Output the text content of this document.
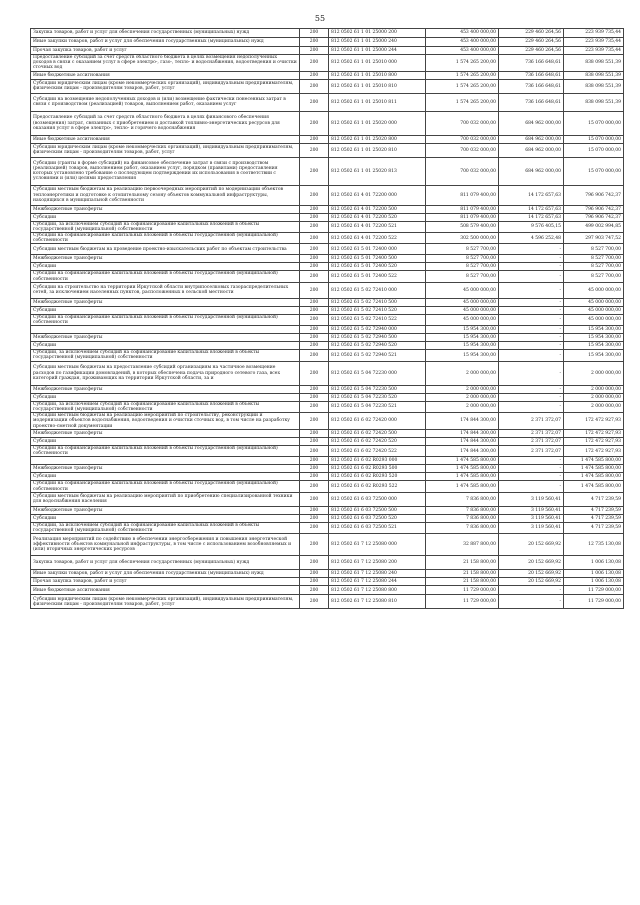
55
Закупка товаров, работ и услуг для обеспечения государственных (муниципальных) нужд	200	812 0502 61 1 01 25000 200	453 400 000,00	229 460 264,56	223 939 735,44
Иные закупки товаров, работ и услуг для обеспечения государственных (муниципальных) нужд	200	812 0502 61 1 01 25000 240	453 400 000,00	229 460 264,56	223 939 735,44
Прочая закупка товаров, работ и услуг	200	812 0502 61 1 01 25000 244	453 400 000,00	229 460 264,56	223 939 735,44
Предоставление субсидий за счет средств областного бюджета в целях возмещения недополученных доходов в связи с оказанием услуг в сфере электро-, газо-, тепло- и водоснабжения, водоотведения и очистки сточных вод	200	812 0502 61 1 01 25010 000	1 574 265 200,00	736 166 648,61	838 098 551,39
Иные бюджетные ассигнования	200	812 0502 61 1 01 25010 800	1 574 265 200,00	736 166 648,61	838 098 551,39
Субсидии юридическим лицам (кроме некоммерческих организаций), индивидуальным предпринимателям, физическим лицам - производителям товаров, работ, услуг	200	812 0502 61 1 01 25010 810	1 574 265 200,00	736 166 648,61	838 098 551,39
Субсидии на возмещение недополученных доходов и (или) возмещение фактически понесенных затрат в связи с производством (реализацией) товаров, выполнением работ, оказанием услуг	200	812 0502 61 1 01 25010 811	1 574 265 200,00	736 166 648,61	838 098 551,39
Предоставление субсидий за счет средств областного бюджета в целях финансового обеспечения (возмещения) затрат, связанных с приобретением и доставкой топливно-энергетических ресурсов для оказания услуг в сфере электро-, тепло- и горячего водоснабжения	200	812 0502 61 1 01 25020 000	700 032 000,00	684 962 000,00	15 070 000,00
Иные бюджетные ассигнования	200	812 0502 61 1 01 25020 800	700 032 000,00	684 962 000,00	15 070 000,00
Субсидии юридическим лицам (кроме некоммерческих организаций), индивидуальным предпринимателям, физическим лицам - производителям товаров, работ, услуг	200	812 0502 61 1 01 25020 810	700 032 000,00	684 962 000,00	15 070 000,00
Субсидии (гранты в форме субсидий) на финансовое обеспечение затрат в связи с производством (реализацией) товаров, выполнением работ, оказанием услуг, порядком (правилами) предоставления которых установлено требование о последующем подтверждении их использования в соответствии с условиями и (или) целями предоставления	200	812 0502 61 1 01 25020 813	700 032 000,00	684 962 000,00	15 070 000,00
Субсидии местным бюджетам на реализацию первоочередных мероприятий по модернизации объектов теплоэнергетики и подготовке к отопительному сезону объектов коммунальной инфраструктуры, находящихся в муниципальной собственности	200	812 0502 61 4 01 72200 000	811 079 400,00	14 172 657,63	796 906 742,37
Межбюджетные трансферты	200	812 0502 61 4 01 72200 500	811 079 400,00	14 172 657,63	796 906 742,37
Субсидии	200	812 0502 61 4 01 72200 520	811 079 400,00	14 172 657,63	796 906 742,37
Субсидии, за исключением субсидий на софинансирование капитальных вложений в объекты государственной (муниципальной) собственности	200	812 0502 61 4 01 72200 521	508 579 400,00	9 576 405,15	499 002 994,85
Субсидии на софинансирование капитальных вложений в объекты государственной (муниципальной) собственности	200	812 0502 61 4 01 72200 522	302 500 000,00	4 596 252,48	297 903 747,52
Субсидии местным бюджетам на проведение проектно-изыскательских работ по объектам строительства	200	812 0502 61 5 01 72400 000	8 527 700,00	-	8 527 700,00
Межбюджетные трансферты	200	812 0502 61 5 01 72400 500	8 527 700,00	-	8 527 700,00
Субсидии	200	812 0502 61 5 01 72400 520	8 527 700,00	-	8 527 700,00
Субсидии на софинансирование капитальных вложений в объекты государственной (муниципальной) собственности	200	812 0502 61 5 01 72400 522	8 527 700,00	-	8 527 700,00
Субсидии на строительство на территории Иркутской области внутрипоселковых газораспределительных сетей, за исключением населенных пунктов, расположенных в сельской местности	200	812 0502 61 5 02 72410 000	45 000 000,00	-	45 000 000,00
Межбюджетные трансферты	200	812 0502 61 5 02 72410 500	45 000 000,00	-	45 000 000,00
Субсидии	200	812 0502 61 5 02 72410 520	45 000 000,00	-	45 000 000,00
Субсидии на софинансирование капитальных вложений в объекты государственной (муниципальной) собственности	200	812 0502 61 5 02 72410 522	45 000 000,00	-	45 000 000,00
	200	812 0502 61 5 02 72940 000	15 954 300,00	-	15 954 300,00
Межбюджетные трансферты	200	812 0502 61 5 02 72940 500	15 954 300,00	-	15 954 300,00
Субсидии	200	812 0502 61 5 02 72940 520	15 954 300,00	-	15 954 300,00
Субсидии, за исключением субсидий на софинансирование капитальных вложений в объекты государственной (муниципальной) собственности	200	812 0502 61 5 02 72940 521	15 954 300,00	-	15 954 300,00
Субсидии местным бюджетам на предоставление субсидий организациям на частичное возмещение расходов по газификации домовладений, в которых обеспечена подача природного сетевого газа, всех категорий граждан, проживающих на территории Иркутской области, за и	200	812 0502 61 5 04 72230 000	2 000 000,00	-	2 000 000,00
Межбюджетные трансферты	200	812 0502 61 5 04 72230 500	2 000 000,00	-	2 000 000,00
Субсидии	200	812 0502 61 5 04 72230 520	2 000 000,00	-	2 000 000,00
Субсидии, за исключением субсидий на софинансирование капитальных вложений в объекты государственной (муниципальной) собственности	200	812 0502 61 5 04 72230 521	2 000 000,00	-	2 000 000,00
Субсидии местным бюджетам на реализацию мероприятий по строительству, реконструкции и модернизации объектов водоснабжения, водоотведения и очистки сточных вод, в том числе на разработку проектно-сметной документации	200	812 0502 61 6 02 72420 000	174 844 300,00	2 371 372,07	172 472 927,93
Межбюджетные трансферты	200	812 0502 61 6 02 72420 500	174 844 300,00	2 371 372,07	172 472 927,93
Субсидии	200	812 0502 61 6 02 72420 520	174 844 300,00	2 371 372,07	172 472 927,93
Субсидии на софинансирование капитальных вложений в объекты государственной (муниципальной) собственности	200	812 0502 61 6 02 72420 522	174 844 300,00	2 371 372,07	172 472 927,93
	200	812 0502 61 6 02 R0293 000	1 474 585 800,00	-	1 474 585 800,00
Межбюджетные трансферты	200	812 0502 61 6 02 R0293 500	1 474 585 800,00	-	1 474 585 800,00
Субсидии	200	812 0502 61 6 02 R0293 520	1 474 585 800,00	-	1 474 585 800,00
Субсидии на софинансирование капитальных вложений в объекты государственной (муниципальной) собственности	200	812 0502 61 6 02 R0293 522	1 474 585 800,00	-	1 474 585 800,00
Субсидии местным бюджетам на реализацию мероприятий по приобретению специализированной техники для водоснабжения населения	200	812 0502 61 6 03 72500 000	7 836 800,00	3 119 560,41	4 717 239,59
Межбюджетные трансферты	200	812 0502 61 6 03 72500 500	7 836 800,00	3 119 560,41	4 717 239,59
Субсидии	200	812 0502 61 6 03 72500 520	7 836 800,00	3 119 560,41	4 717 239,59
Субсидии, за исключением субсидий на софинансирование капитальных вложений в объекты государственной (муниципальной) собственности	200	812 0502 61 6 03 72500 521	7 836 800,00	3 119 560,41	4 717 239,59
Реализация мероприятий по содействию в обеспечении энергосбережения и повышения энергетической эффективности объектов коммунальной инфраструктуры, в том числе с использованием возобновляемых и (или) вторичных энергетических ресурсов	200	812 0502 61 7 12 25080 000	32 887 800,00	20 152 669,92	12 735 130,08
Закупка товаров, работ и услуг для обеспечения государственных (муниципальных) нужд	200	812 0502 61 7 12 25080 200	21 158 800,00	20 152 669,92	1 006 130,08
Иные закупки товаров, работ и услуг для обеспечения государственных (муниципальных) нужд	200	812 0502 61 7 12 25080 240	21 158 800,00	20 152 669,92	1 006 130,08
Прочая закупка товаров, работ и услуг	200	812 0502 61 7 12 25080 244	21 158 800,00	20 152 669,92	1 006 130,08
Иные бюджетные ассигнования	200	812 0502 61 7 12 25080 800	11 729 000,00	-	11 729 000,00
Субсидии юридическим лицам (кроме некоммерческих организаций), индивидуальным предпринимателям, физическим лицам - производителям товаров, работ, услуг	200	812 0502 61 7 12 25080 810	11 729 000,00	-	11 729 000,00
